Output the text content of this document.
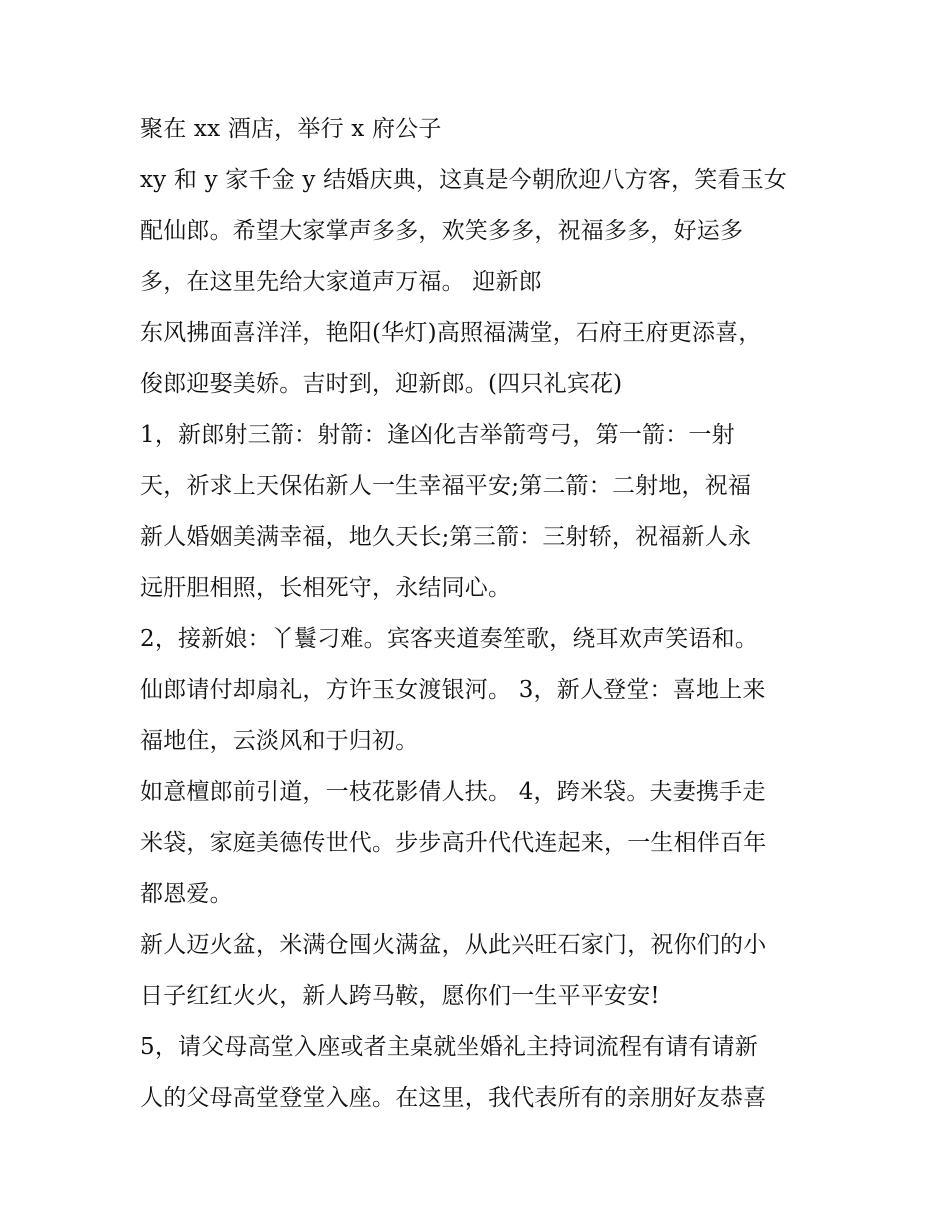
聚在 xx 酒店，举行 x 府公子
xy 和 y 家千金 y 结婚庆典，这真是今朝欣迎八方客，笑看玉女
配仙郎。希望大家掌声多多，欢笑多多，祝福多多，好运多
多，在这里先给大家道声万福。 迎新郎
东风拂面喜洋洋，艳阳(华灯)高照福满堂，石府王府更添喜，
俊郎迎娶美娇。吉时到，迎新郎。(四只礼宾花)
1，新郎射三箭：射箭：逢凶化吉举箭弯弓，第一箭：一射
天，祈求上天保佑新人一生幸福平安;第二箭：二射地，祝福
新人婚姻美满幸福，地久天长;第三箭：三射轿，祝福新人永
远肝胆相照，长相死守，永结同心。
2，接新娘：丫鬟刁难。宾客夹道奏笙歌，绕耳欢声笑语和。
仙郎请付却扇礼，方许玉女渡银河。 3，新人登堂：喜地上来
福地住，云淡风和于归初。
如意檀郎前引道，一枝花影倩人扶。 4，跨米袋。夫妻携手走
米袋，家庭美德传世代。步步高升代代连起来，一生相伴百年
都恩爱。
新人迈火盆，米满仓囤火满盆，从此兴旺石家门，祝你们的小
日子红红火火，新人跨马鞍，愿你们一生平平安安!
5，请父母高堂入座或者主桌就坐婚礼主持词流程有请有请新
人的父母高堂登堂入座。在这里，我代表所有的亲朋好友恭喜
